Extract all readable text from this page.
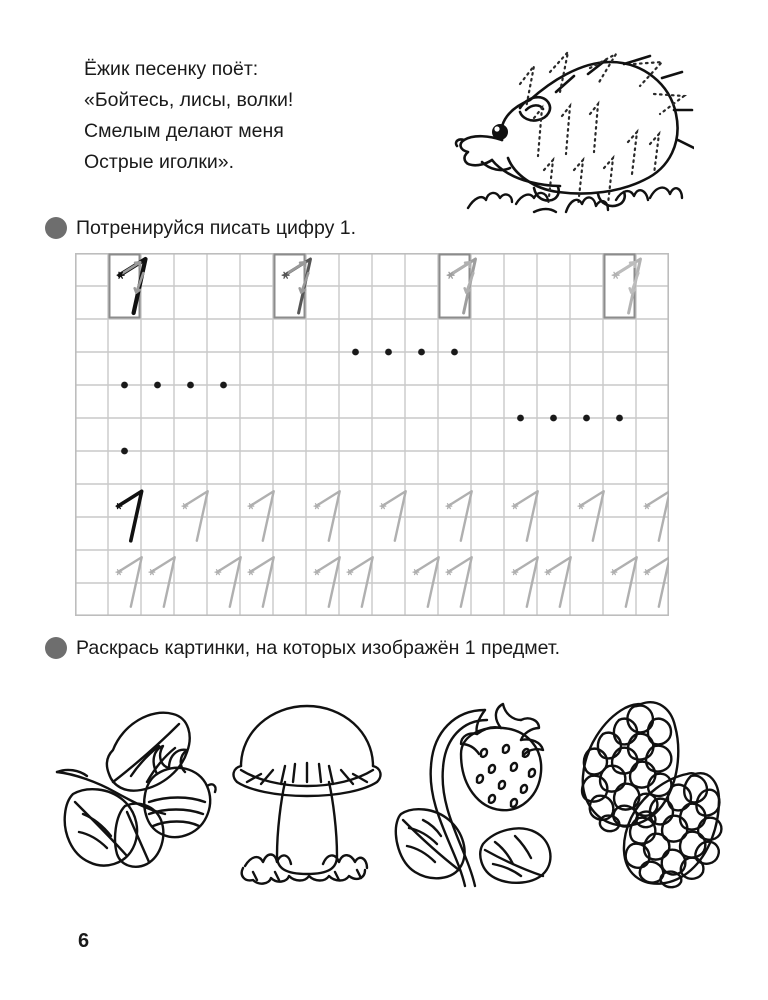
Ёжик песенку поёт:
«Бойтесь, лисы, волки!
Смелым делают меня
Острые иголки».
Потренируйся писать цифру 1.
Раскрась картинки, на которых изображён 1 предмет.
6
